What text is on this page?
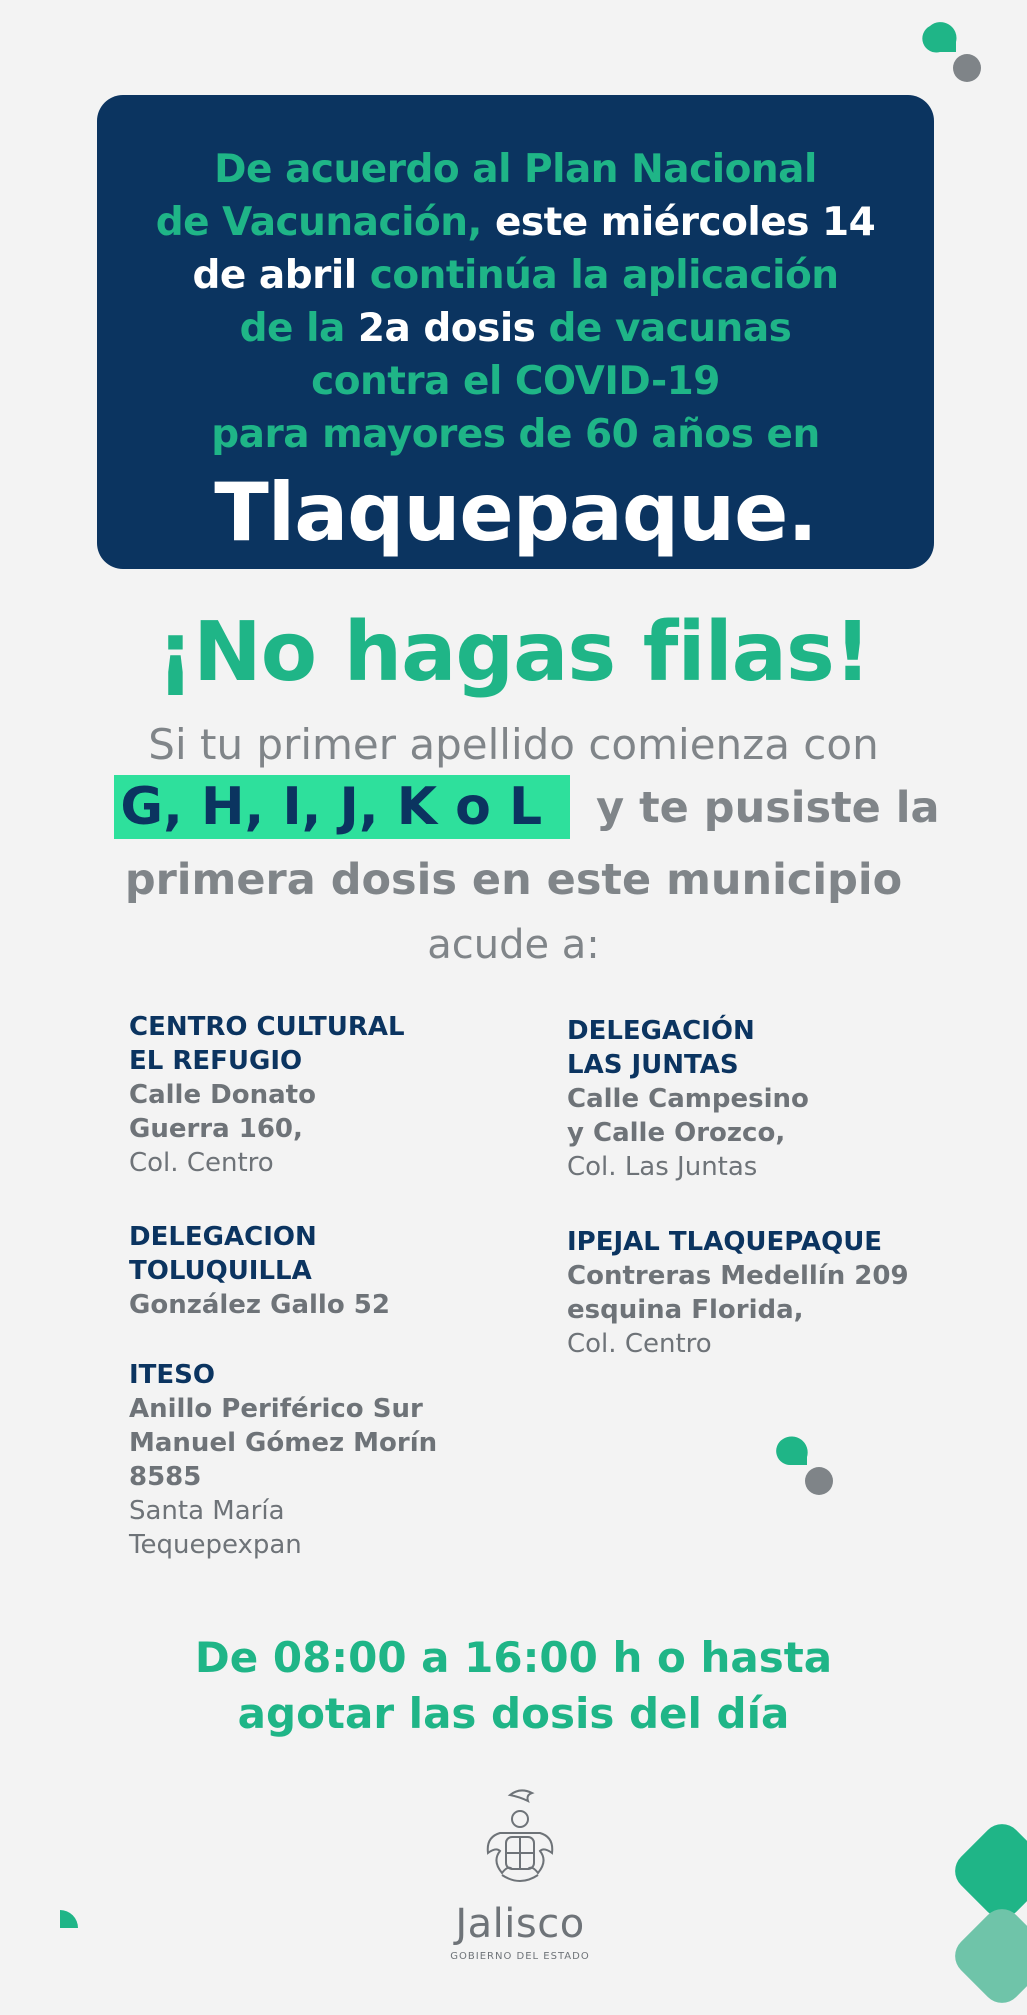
De acuerdo al Plan Nacional
de Vacunación, este miércoles 14
de abril continúa la aplicación
de la 2a dosis de vacunas
contra el COVID-19
para mayores de 60 años en
Tlaquepaque.
¡No hagas filas!
Si tu primer apellido comienza con
G, H, I, J, K o L y te pusiste la
primera dosis en este municipio
acude a:
CENTRO CULTURAL
EL REFUGIO
Calle Donato
Guerra 160,
Col. Centro
DELEGACIÓN
LAS JUNTAS
Calle Campesino
y Calle Orozco,
Col. Las Juntas
DELEGACION
TOLUQUILLA
González Gallo 52
IPEJAL TLAQUEPAQUE
Contreras Medellín 209
esquina Florida,
Col. Centro
ITESO
Anillo Periférico Sur
Manuel Gómez Morín
8585
Santa María
Tequepexpan
De 08:00 a 16:00 h o hasta
agotar las dosis del día
Jalisco
GOBIERNO DEL ESTADO
